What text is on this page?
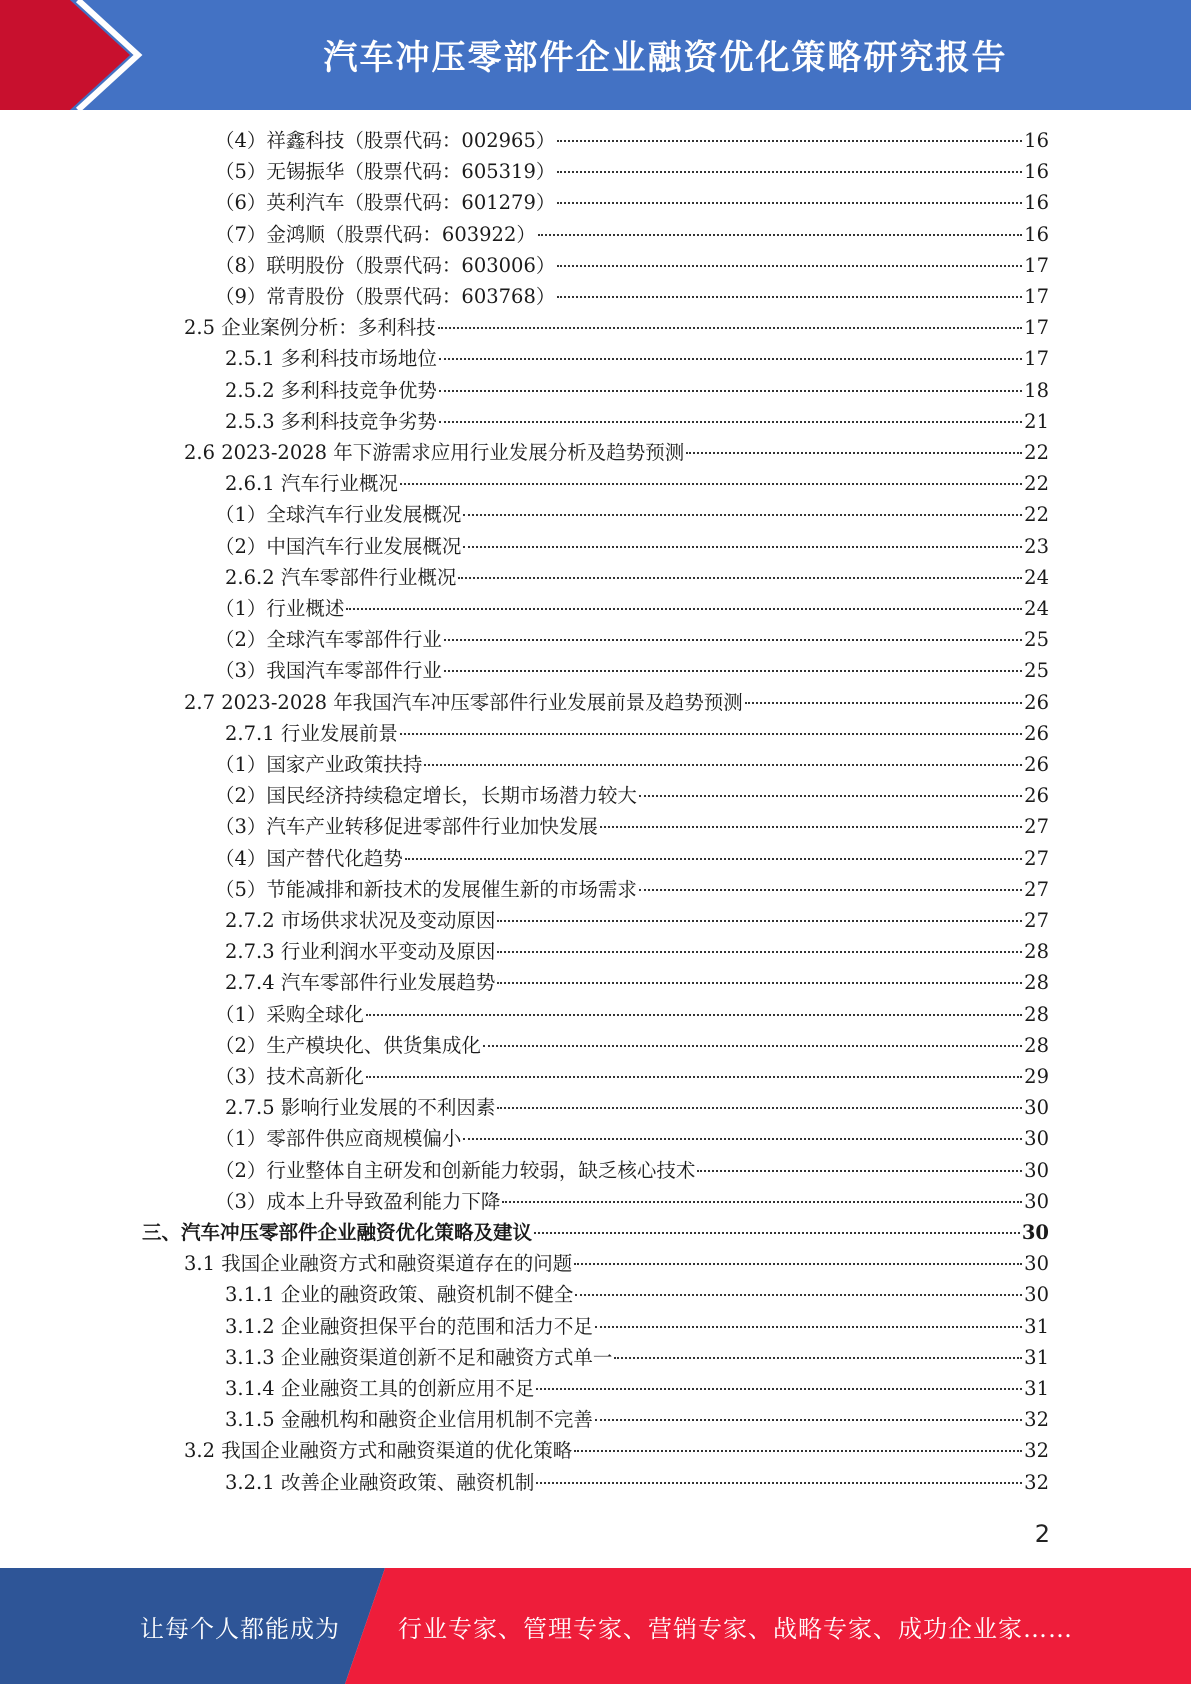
汽车冲压零部件企业融资优化策略研究报告
（4）祥鑫科技（股票代码：002965）	16
（5）无锡振华（股票代码：605319）	16
（6）英利汽车（股票代码：601279）	16
（7）金鸿顺（股票代码：603922）	16
（8）联明股份（股票代码：603006）	17
（9）常青股份（股票代码：603768）	17
2.5 企业案例分析：多利科技	17
2.5.1 多利科技市场地位	17
2.5.2 多利科技竞争优势	18
2.5.3 多利科技竞争劣势	21
2.6 2023-2028 年下游需求应用行业发展分析及趋势预测	22
2.6.1 汽车行业概况	22
（1）全球汽车行业发展概况	22
（2）中国汽车行业发展概况	23
2.6.2 汽车零部件行业概况	24
（1）行业概述	24
（2）全球汽车零部件行业	25
（3）我国汽车零部件行业	25
2.7 2023-2028 年我国汽车冲压零部件行业发展前景及趋势预测	26
2.7.1 行业发展前景	26
（1）国家产业政策扶持	26
（2）国民经济持续稳定增长，长期市场潜力较大	26
（3）汽车产业转移促进零部件行业加快发展	27
（4）国产替代化趋势	27
（5）节能减排和新技术的发展催生新的市场需求	27
2.7.2 市场供求状况及变动原因	27
2.7.3 行业利润水平变动及原因	28
2.7.4 汽车零部件行业发展趋势	28
（1）采购全球化	28
（2）生产模块化、供货集成化	28
（3）技术高新化	29
2.7.5 影响行业发展的不利因素	30
（1）零部件供应商规模偏小	30
（2）行业整体自主研发和创新能力较弱，缺乏核心技术	30
（3）成本上升导致盈利能力下降	30
三、汽车冲压零部件企业融资优化策略及建议	30
3.1 我国企业融资方式和融资渠道存在的问题	30
3.1.1 企业的融资政策、融资机制不健全	30
3.1.2 企业融资担保平台的范围和活力不足	31
3.1.3 企业融资渠道创新不足和融资方式单一	31
3.1.4 企业融资工具的创新应用不足	31
3.1.5 金融机构和融资企业信用机制不完善	32
3.2 我国企业融资方式和融资渠道的优化策略	32
3.2.1 改善企业融资政策、融资机制	32
2
让每个人都能成为 行业专家、管理专家、营销专家、战略专家、成功企业家……
